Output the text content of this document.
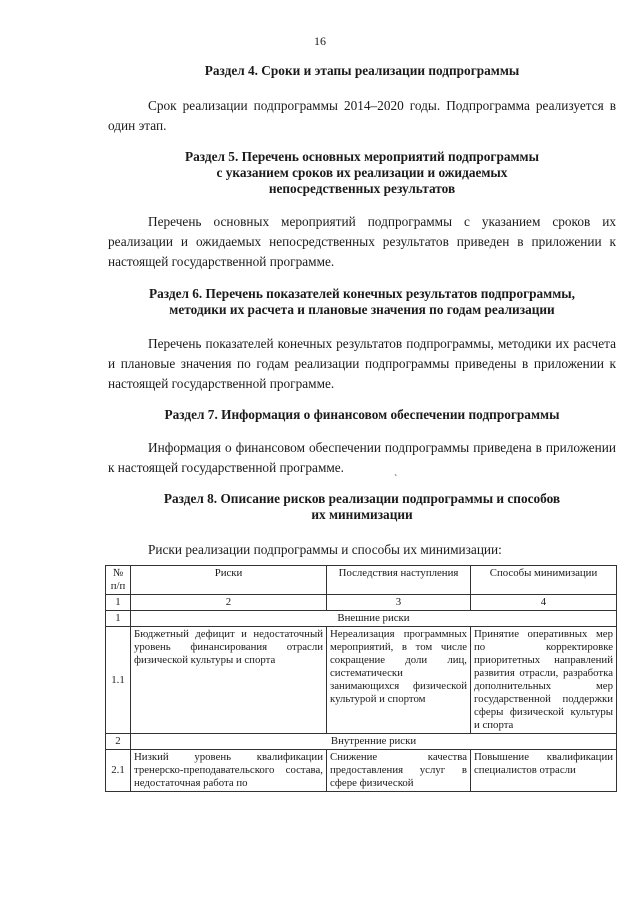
16
Раздел 4. Сроки и этапы реализации подпрограммы
Срок реализации подпрограммы 2014–2020 годы. Подпрограмма реализуется в один этап.
Раздел 5. Перечень основных мероприятий подпрограммы
с указанием сроков их реализации и ожидаемых
непосредственных результатов
Перечень основных мероприятий подпрограммы с указанием сроков их реализации и ожидаемых непосредственных результатов приведен в приложении к настоящей государственной программе.
Раздел 6. Перечень показателей конечных результатов подпрограммы,
методики их расчета и плановые значения по годам реализации
Перечень показателей конечных результатов подпрограммы, методики их расчета и плановые значения по годам реализации подпрограммы приведены в приложении к настоящей государственной программе.
Раздел 7. Информация о финансовом обеспечении подпрограммы
Информация о финансовом обеспечении подпрограммы приведена в приложении к настоящей государственной программе.
`
Раздел 8. Описание рисков реализации подпрограммы и способов
их минимизации
Риски реализации подпрограммы и способы их минимизации:
№ п/п	Риски	Последствия наступления	Способы минимизации
1	2	3	4
1	Внешние риски		
1.1	Бюджетный дефицит и недостаточный уровень финансирования отрасли физической культуры и спорта	Нереализация программных мероприятий, в том числе сокращение доли лиц, систематически занимающихся физической культурой и спортом	Принятие оперативных мер по корректировке приоритетных направлений развития отрасли, разработка дополнительных мер государственной поддержки сферы физической культуры и спорта
2	Внутренние риски		
2.1	Низкий уровень квалификации тренерско-преподавательского состава, недостаточная работа по	Снижение качества предоставления услуг в сфере физической	Повышение квалификации специалистов отрасли
